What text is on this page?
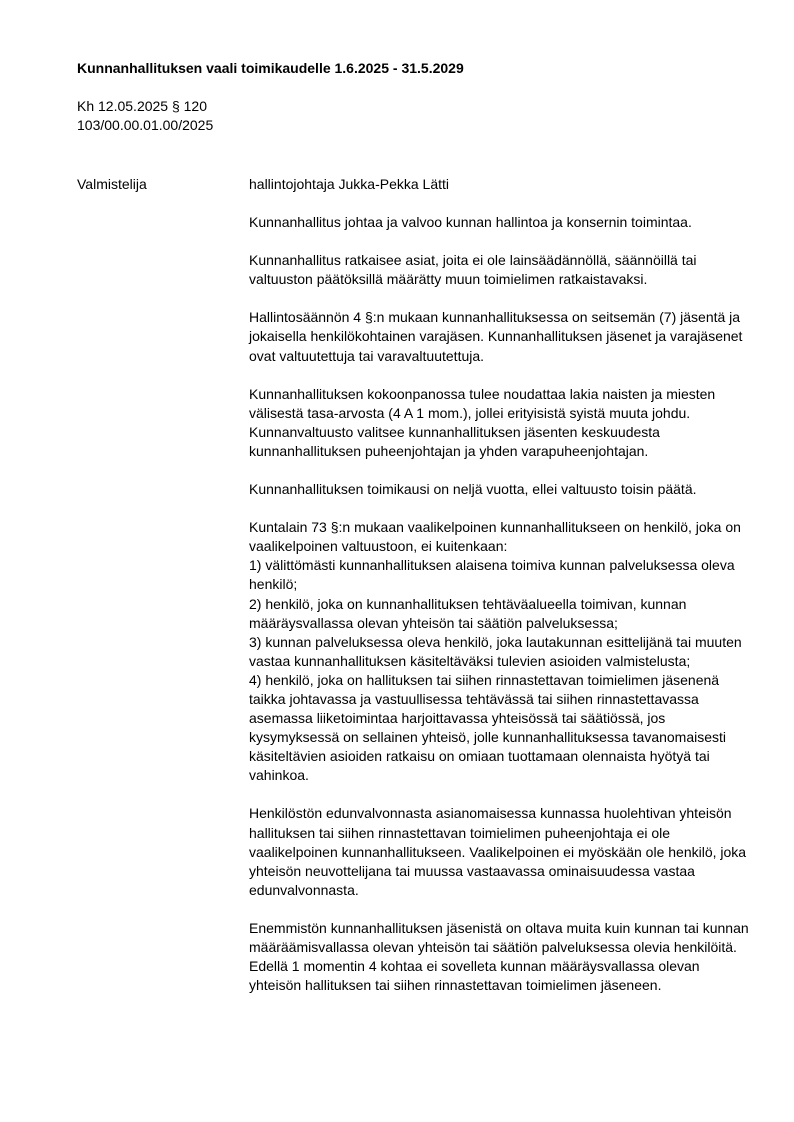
Kunnanhallituksen vaali toimikaudelle 1.6.2025 - 31.5.2029
Kh 12.05.2025 § 120
103/00.00.01.00/2025
Valmistelija	hallintojohtaja Jukka-Pekka Lätti

Kunnanhallitus johtaa ja valvoo kunnan hallintoa ja konsernin toimintaa.

Kunnanhallitus ratkaisee asiat, joita ei ole lainsäädännöllä, säännöillä tai valtuuston päätöksillä määrätty muun toimielimen ratkaistavaksi.

Hallintosäännön 4 §:n mukaan kunnanhallituksessa on seitsemän (7) jäsentä ja jokaisella henkilökohtainen varajäsen. Kunnanhallituksen jäsenet ja varajäsenet ovat valtuutettuja tai varavaltuutettuja.

Kunnanhallituksen kokoonpanossa tulee noudattaa lakia naisten ja miesten välisestä tasa-arvosta (4 A 1 mom.), jollei erityisistä syistä muuta johdu. Kunnanvaltuusto valitsee kunnanhallituksen jäsenten keskuudesta kunnanhallituksen puheenjohtajan ja yhden varapuheenjohtajan.

Kunnanhallituksen toimikausi on neljä vuotta, ellei valtuusto toisin päätä.

Kuntalain 73 §:n mukaan vaalikelpoinen kunnanhallitukseen on henkilö, joka on vaalikelpoinen valtuustoon, ei kuitenkaan:
1) välittömästi kunnanhallituksen alaisena toimiva kunnan palveluksessa oleva henkilö;
2) henkilö, joka on kunnanhallituksen tehtäväalueella toimivan, kunnan määräysvallassa olevan yhteisön tai säätiön palveluksessa;
3) kunnan palveluksessa oleva henkilö, joka lautakunnan esittelijänä tai muuten vastaa kunnanhallituksen käsiteltäväksi tulevien asioiden valmistelusta;
4) henkilö, joka on hallituksen tai siihen rinnastettavan toimielimen jäsenenä taikka johtavassa ja vastuullisessa tehtävässä tai siihen rinnastettavassa asemassa liiketoimintaa harjoittavassa yhteisössä tai säätiössä, jos kysymyksessä on sellainen yhteisö, jolle kunnanhallituksessa tavanomaisesti käsiteltävien asioiden ratkaisu on omiaan tuottamaan olennaista hyötyä tai vahinkoa.

Henkilöstön edunvalvonnasta asianomaisessa kunnassa huolehtivan yhteisön hallituksen tai siihen rinnastettavan toimielimen puheenjohtaja ei ole vaalikelpoinen kunnanhallitukseen. Vaalikelpoinen ei myöskään ole henkilö, joka yhteisön neuvottelijana tai muussa vastaavassa ominaisuudessa vastaa edunvalvonnasta.

Enemmistön kunnanhallituksen jäsenistä on oltava muita kuin kunnan tai kunnan määräämisvallassa olevan yhteisön tai säätiön palveluksessa olevia henkilöitä.

Edellä 1 momentin 4 kohtaa ei sovelleta kunnan määräysvallassa olevan yhteisön hallituksen tai siihen rinnastettavan toimielimen jäseneen.
